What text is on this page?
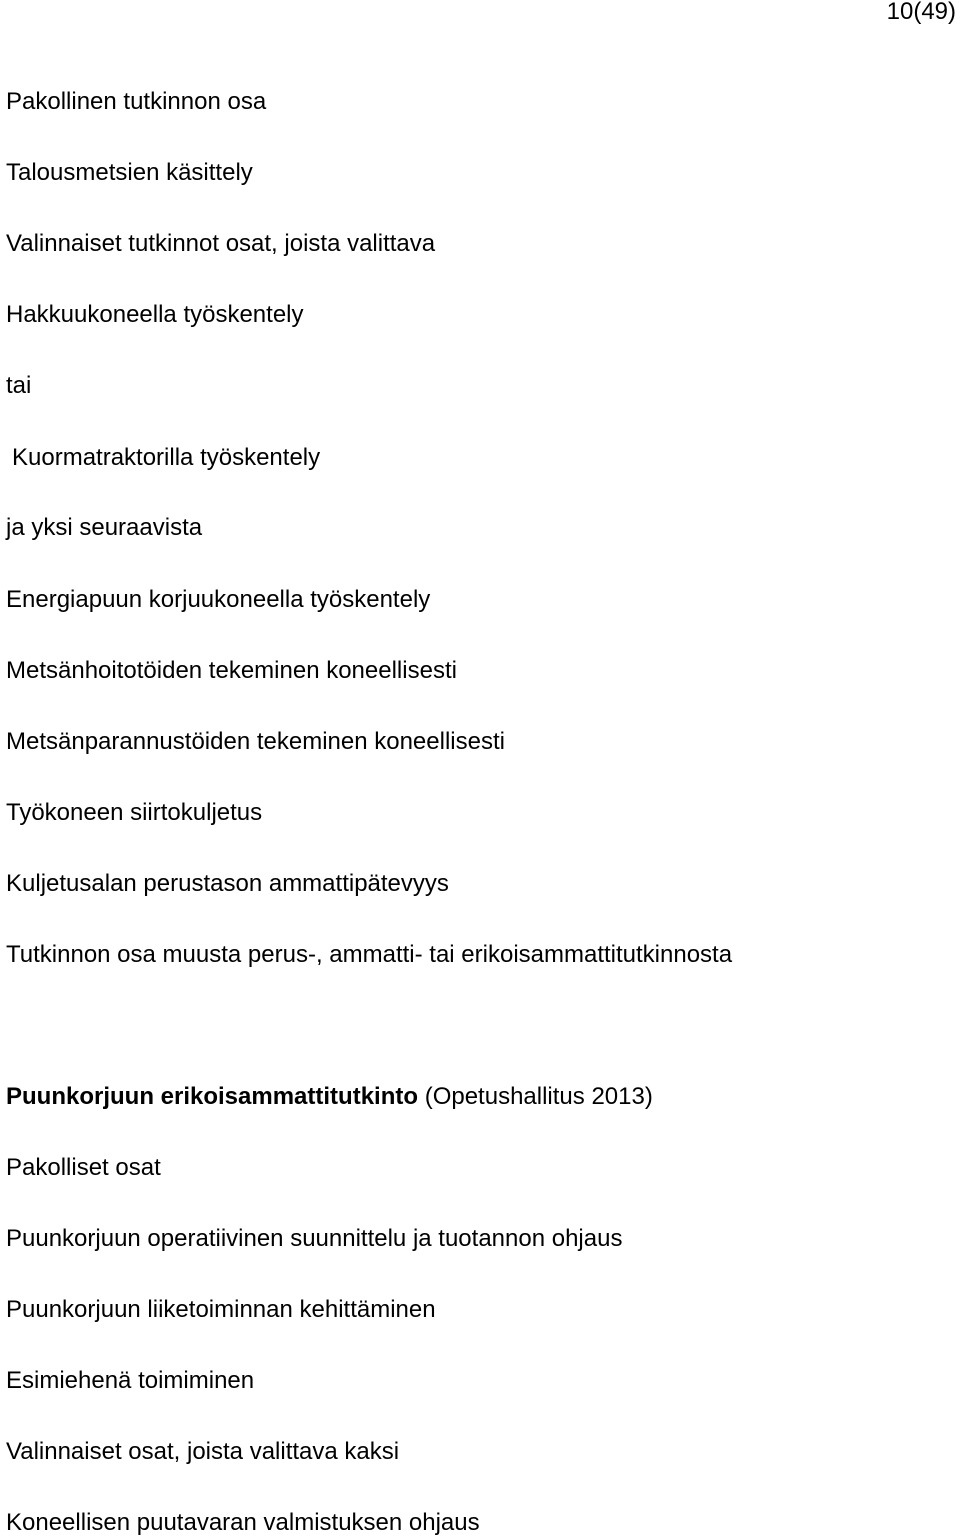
10(49)
Pakollinen tutkinnon osa
Talousmetsien käsittely
Valinnaiset tutkinnot osat, joista valittava
Hakkuukoneella työskentely
tai
Kuormatraktorilla työskentely
ja yksi seuraavista
Energiapuun korjuukoneella työskentely
Metsänhoitotöiden tekeminen koneellisesti
Metsänparannustöiden tekeminen koneellisesti
Työkoneen siirtokuljetus
Kuljetusalan perustason ammattipätevyys
Tutkinnon osa muusta perus-, ammatti- tai erikoisammattitutkinnosta
Puunkorjuun erikoisammattitutkinto (Opetushallitus 2013)
Pakolliset osat
Puunkorjuun operatiivinen suunnittelu ja tuotannon ohjaus
Puunkorjuun liiketoiminnan kehittäminen
Esimiehenä toimiminen
Valinnaiset osat, joista valittava kaksi
Koneellisen puutavaran valmistuksen ohjaus
